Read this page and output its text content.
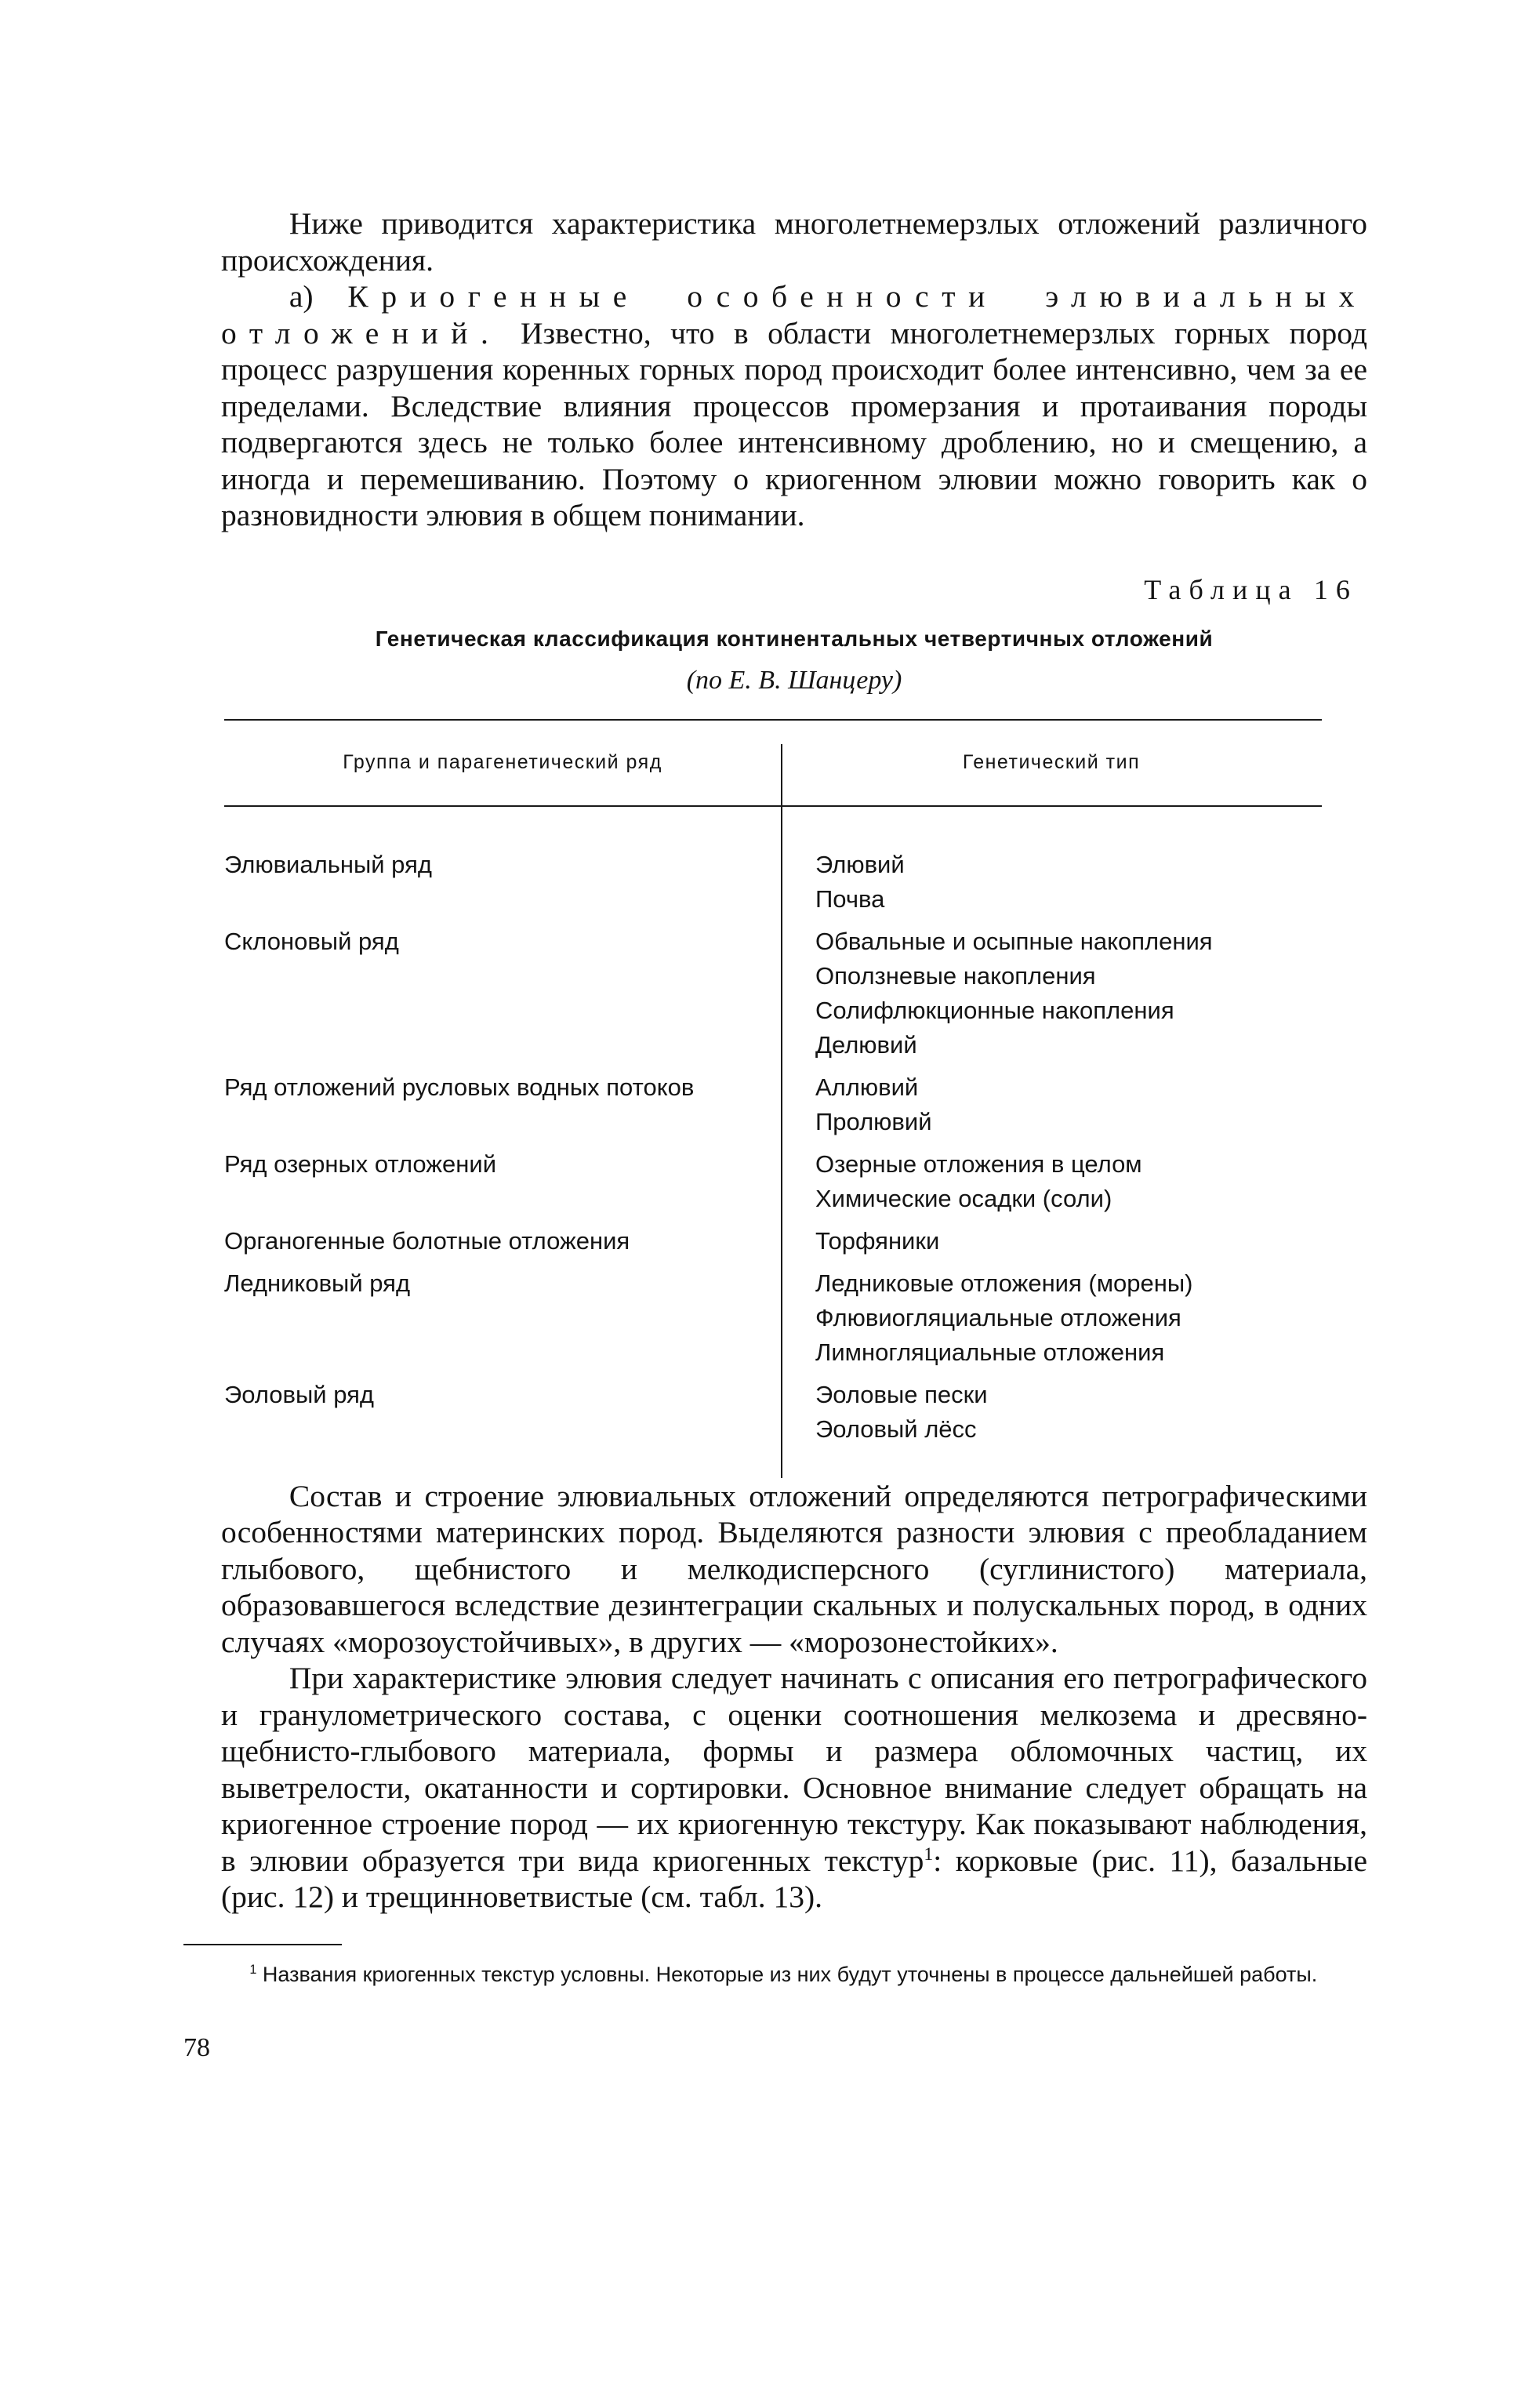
Ниже приводится характеристика многолетнемерзлых отложений различного происхождения.

а) Криогенные особенности элювиальных отложений. Известно, что в области многолетнемерзлых горных пород процесс разрушения коренных горных пород происходит более интенсивно, чем за ее пределами. Вследствие влияния процессов промерзания и протаивания породы подвергаются здесь не только более интенсивному дроблению, но и смещению, а иногда и перемешиванию. Поэтому о криогенном элювии можно говорить как о разновидности элювия в общем понимании.

Таблица 16
Генетическая классификация континентальных четвертичных отложений
(по Е. В. Шанцеру)
Группа и парагенетический ряд	Генетический тип
Элювиальный ряд	Элювий
Почва
Склоновый ряд	Обвальные и осыпные накопления
Оползневые накопления
Солифлюкционные накопления
Делювий
Ряд отложений русловых водных потоков	Аллювий
Пролювий
Ряд озерных отложений	Озерные отложения в целом
Химические осадки (соли)
Органогенные болотные отложения	Торфяники
Ледниковый ряд	Ледниковые отложения (морены)
Флювиогляциальные отложения
Лимногляциальные отложения
Эоловый ряд	Эоловые пески
Эоловый лёсс

Состав и строение элювиальных отложений определяются петрографическими особенностями материнских пород. Выделяются разности элювия с преобладанием глыбового, щебнистого и мелкодисперсного (суглинистого) материала, образовавшегося вследствие дезинтеграции скальных и полускальных пород, в одних случаях «морозоустойчивых», в других — «морозонестойких».

При характеристике элювия следует начинать с описания его петрографического и гранулометрического состава, с оценки соотношения мелкозема и дресвяно-щебнисто-глыбового материала, формы и размера обломочных частиц, их выветрелости, окатанности и сортировки. Основное внимание следует обращать на криогенное строение пород — их криогенную текстуру. Как показывают наблюдения, в элювии образуется три вида криогенных текстур$^1$: корковые (рис. 11), базальные (рис. 12) и трещинноветвистые (см. табл. 13).

$^1$ Названия криогенных текстур условны. Некоторые из них будут уточнены в процессе дальнейшей работы.
78
